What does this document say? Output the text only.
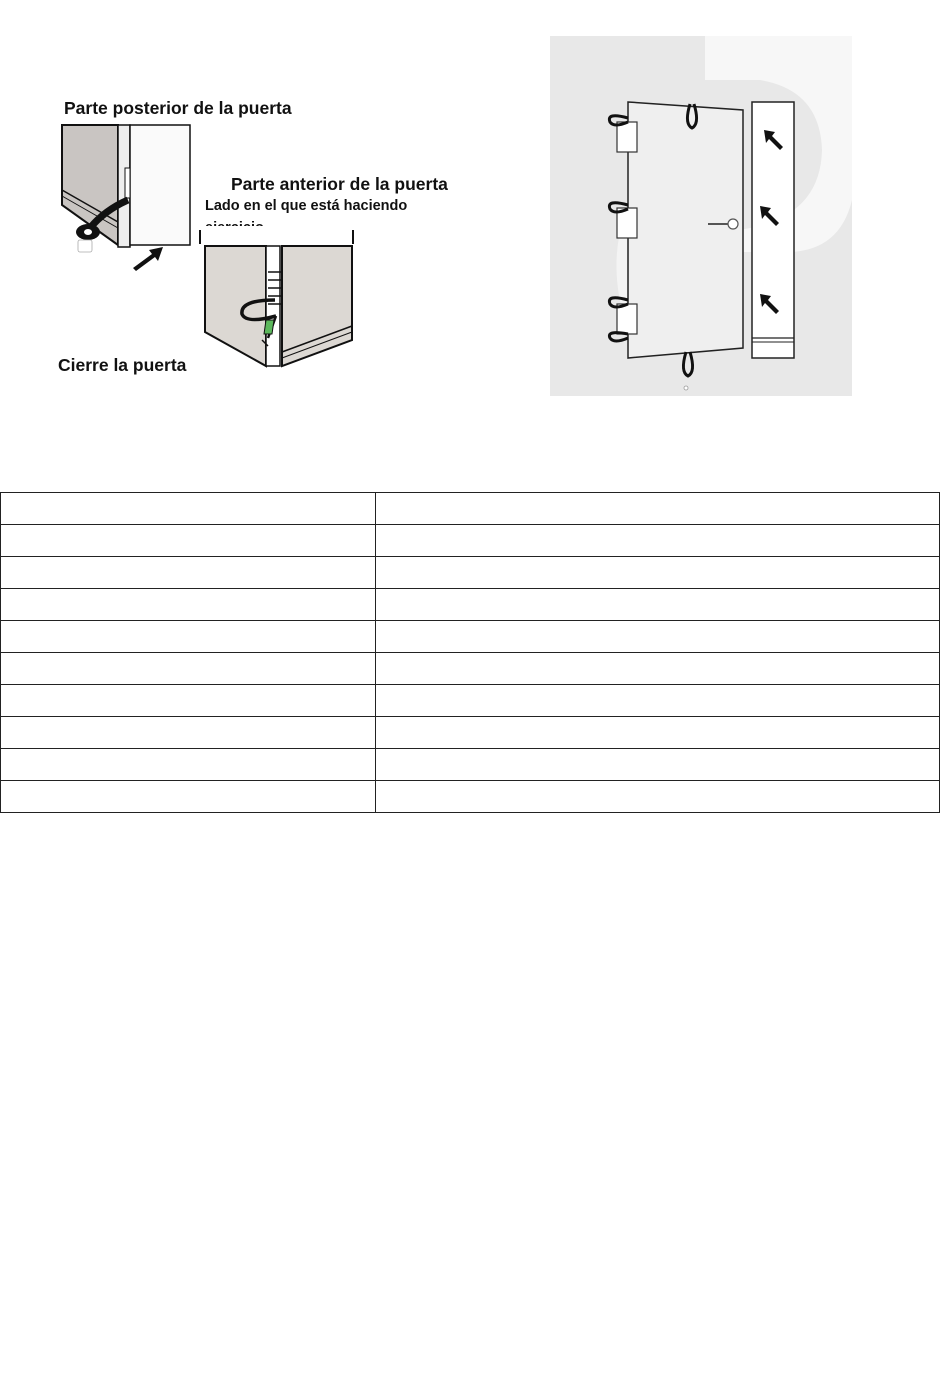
Parte posterior de la puerta
Parte anterior de la puerta
Lado en el que está haciendo
Cierre la puerta
